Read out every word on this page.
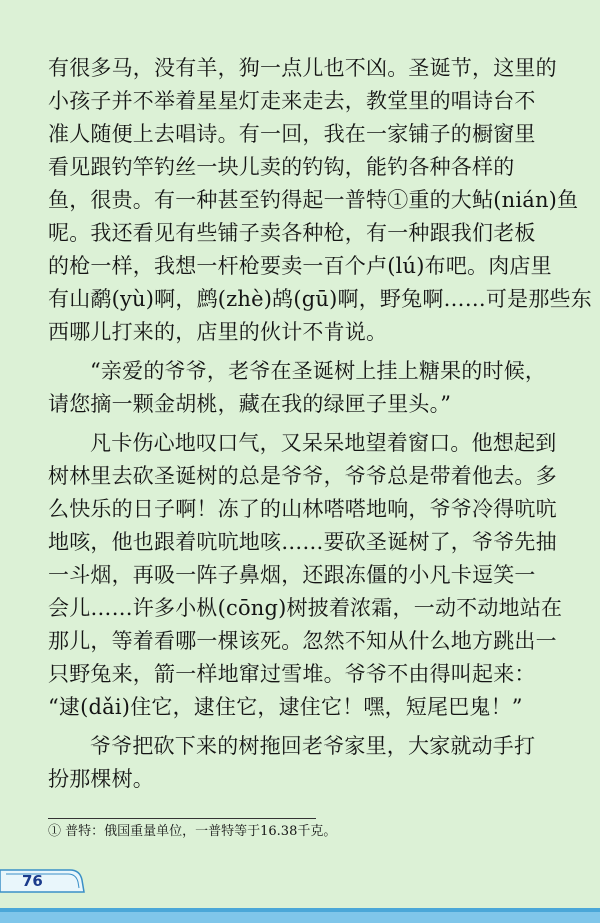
有很多马，没有羊，狗一点儿也不凶。圣诞节，这里的
小孩子并不举着星星灯走来走去，教堂里的唱诗台不
准人随便上去唱诗。有一回，我在一家铺子的橱窗里
看见跟钓竿钓丝一块儿卖的钓钩，能钓各种各样的
鱼，很贵。有一种甚至钓得起一普特①重的大鲇(nián)鱼
呢。我还看见有些铺子卖各种枪，有一种跟我们老板
的枪一样，我想一杆枪要卖一百个卢(lú)布吧。肉店里
有山鹬(yù)啊，鹧(zhè)鸪(gū)啊，野兔啊……可是那些东
西哪儿打来的，店里的伙计不肯说。
“亲爱的爷爷，老爷在圣诞树上挂上糖果的时候，
请您摘一颗金胡桃，藏在我的绿匣子里头。”
凡卡伤心地叹口气，又呆呆地望着窗口。他想起到
树林里去砍圣诞树的总是爷爷，爷爷总是带着他去。多
么快乐的日子啊！冻了的山林嗒嗒地响，爷爷冷得吭吭
地咳，他也跟着吭吭地咳……要砍圣诞树了，爷爷先抽
一斗烟，再吸一阵子鼻烟，还跟冻僵的小凡卡逗笑一
会儿……许多小枞(cōng)树披着浓霜，一动不动地站在
那儿，等着看哪一棵该死。忽然不知从什么地方跳出一
只野兔来，箭一样地窜过雪堆。爷爷不由得叫起来：
“逮(dǎi)住它，逮住它，逮住它！嘿，短尾巴鬼！”
爷爷把砍下来的树拖回老爷家里，大家就动手打
扮那棵树。
① 普特：俄国重量单位，一普特等于16.38千克。
76
